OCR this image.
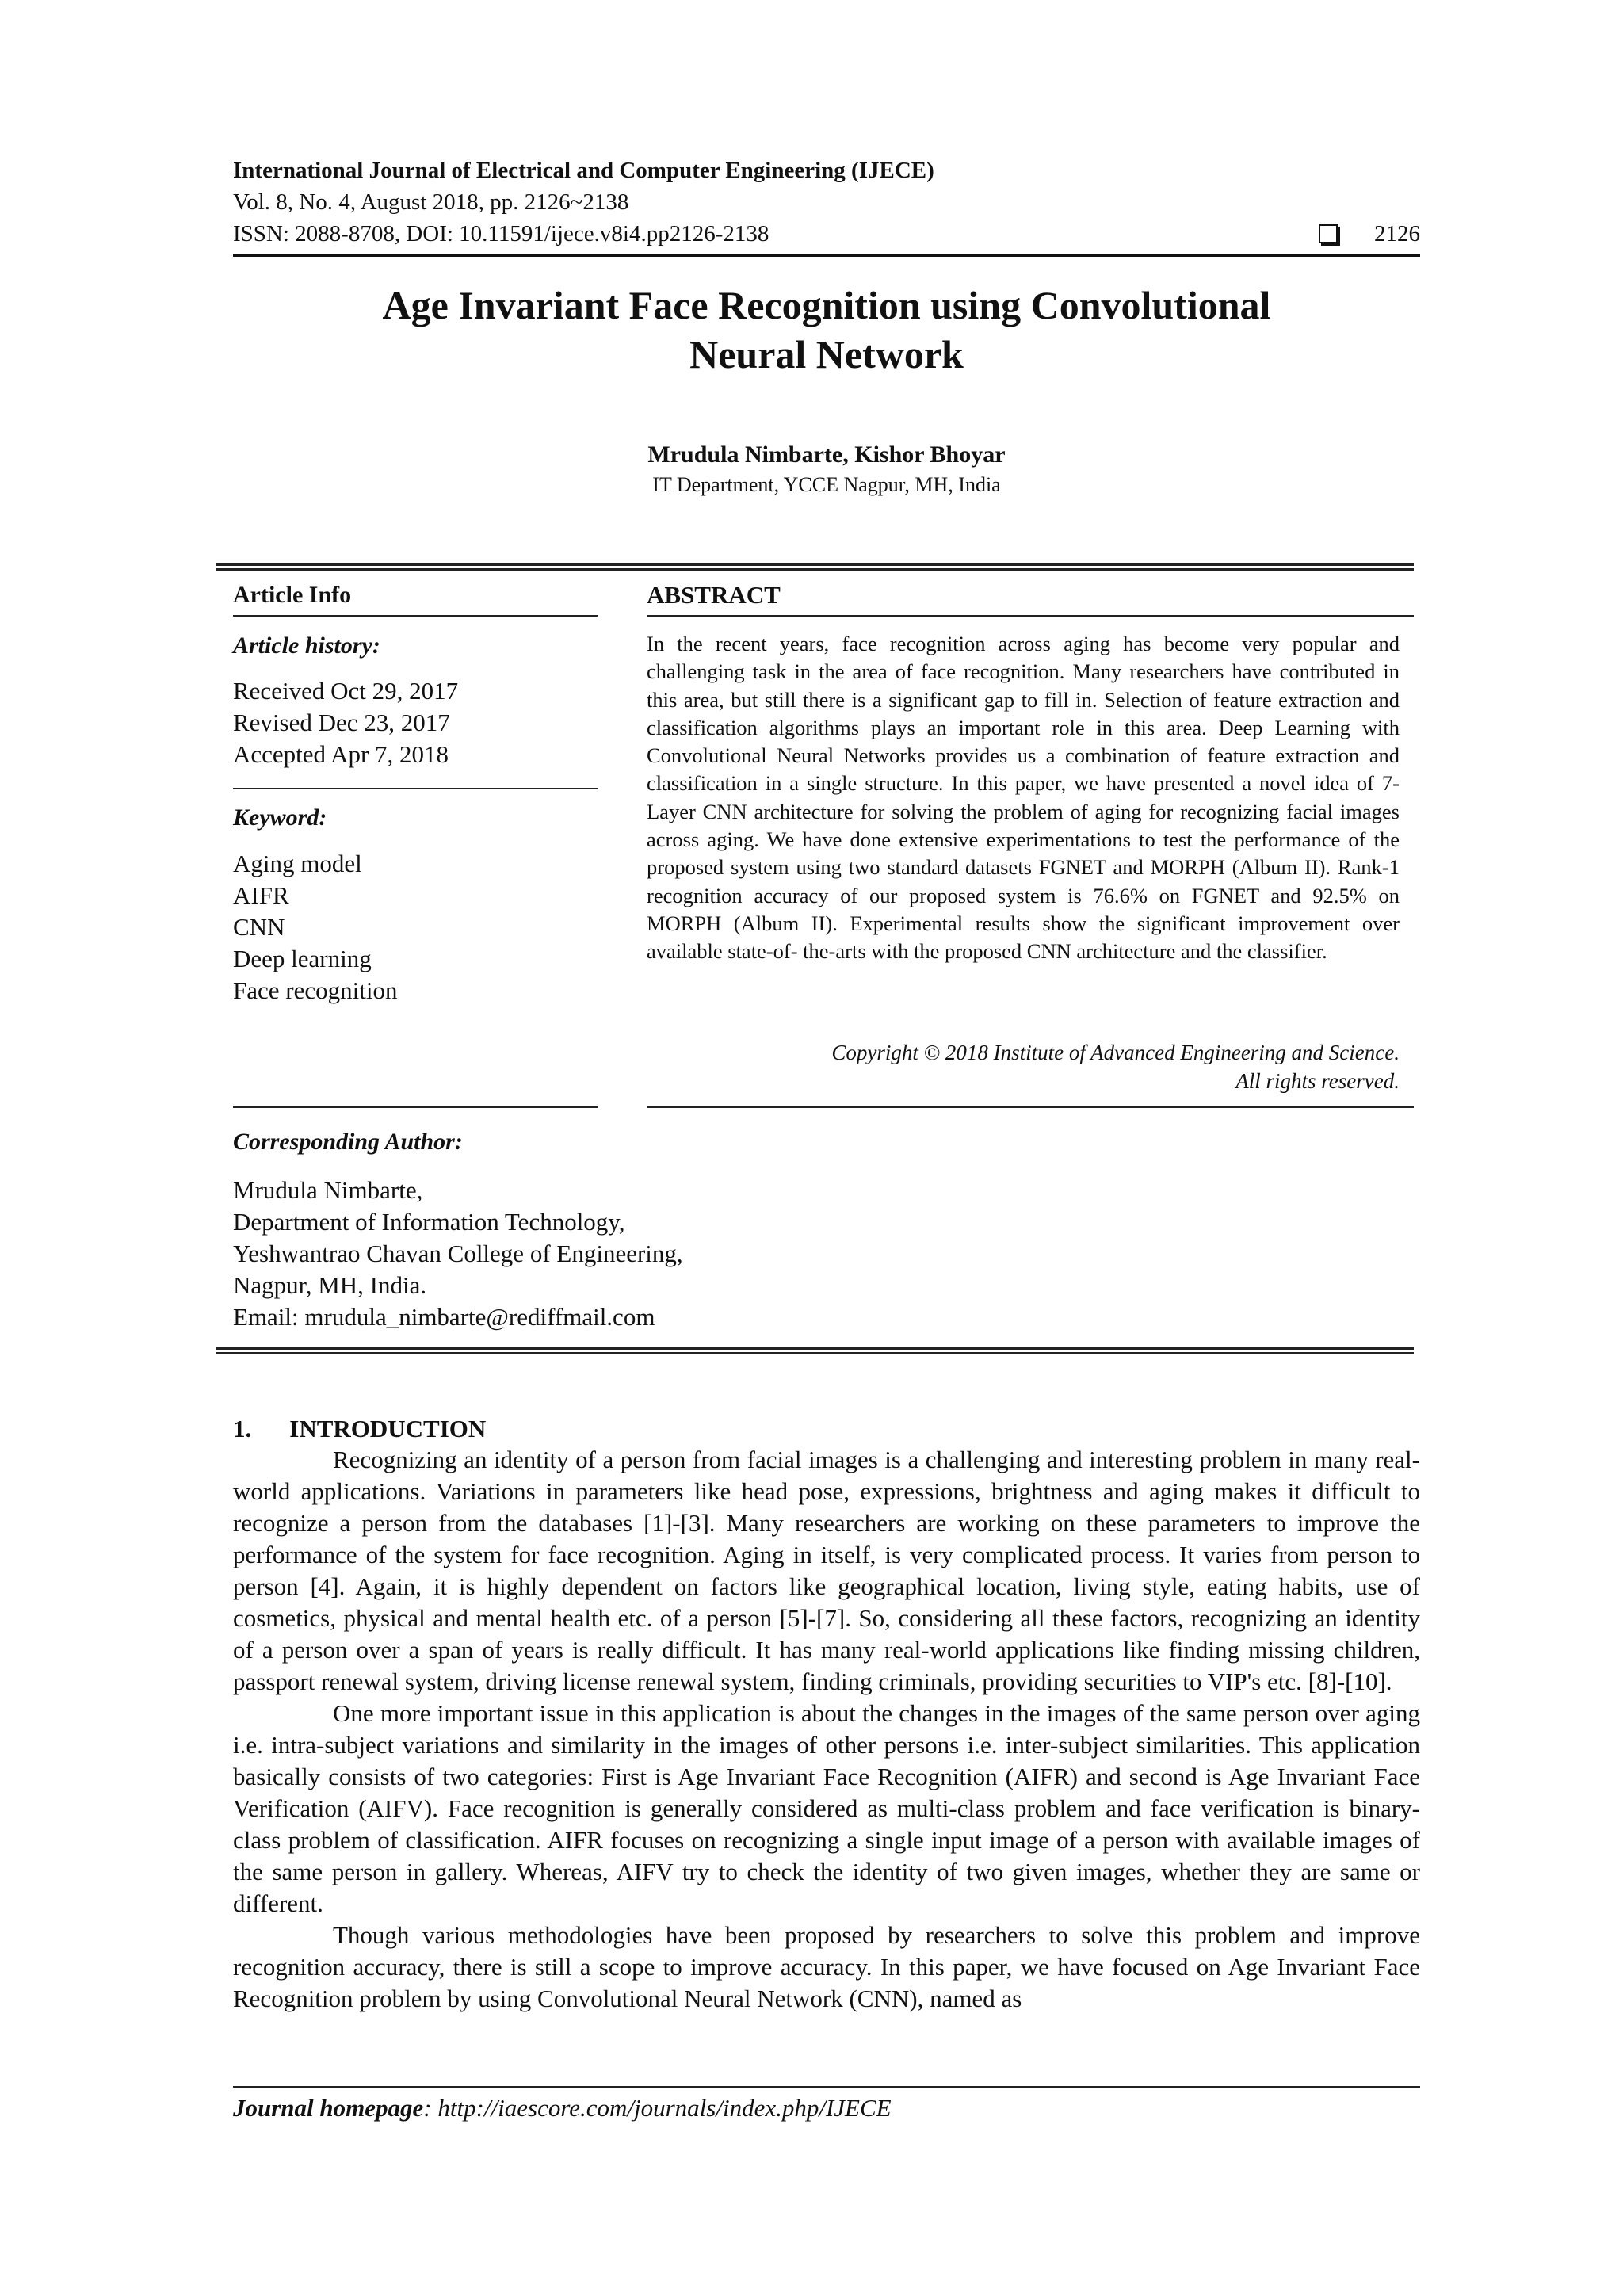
International Journal of Electrical and Computer Engineering (IJECE)
Vol. 8, No. 4, August 2018, pp. 2126~2138
ISSN: 2088-8708, DOI: 10.11591/ijece.v8i4.pp2126-2138	2126
Age Invariant Face Recognition using Convolutional
Neural Network
Mrudula Nimbarte, Kishor Bhoyar
IT Department, YCCE Nagpur, MH, India
Article Info
Article history:
Received Oct 29, 2017
Revised Dec 23, 2017
Accepted Apr 7, 2018
Keyword:
Aging model
AIFR
CNN
Deep learning
Face recognition
ABSTRACT
In the recent years, face recognition across aging has become very popular and challenging task in the area of face recognition. Many researchers have contributed in this area, but still there is a significant gap to fill in. Selection of feature extraction and classification algorithms plays an important role in this area. Deep Learning with Convolutional Neural Networks provides us a combination of feature extraction and classification in a single structure. In this paper, we have presented a novel idea of 7-Layer CNN architecture for solving the problem of aging for recognizing facial images across aging. We have done extensive experimentations to test the performance of the proposed system using two standard datasets FGNET and MORPH (Album II). Rank-1 recognition accuracy of our proposed system is 76.6% on FGNET and 92.5% on MORPH (Album II). Experimental results show the significant improvement over available state-of- the-arts with the proposed CNN architecture and the classifier.
Copyright © 2018 Institute of Advanced Engineering and Science.
All rights reserved.
Corresponding Author:
Mrudula Nimbarte,
Department of Information Technology,
Yeshwantrao Chavan College of Engineering,
Nagpur, MH, India.
Email: mrudula_nimbarte@rediffmail.com
1. INTRODUCTION

Recognizing an identity of a person from facial images is a challenging and interesting problem in many real-world applications. Variations in parameters like head pose, expressions, brightness and aging makes it difficult to recognize a person from the databases [1]-[3]. Many researchers are working on these parameters to improve the performance of the system for face recognition. Aging in itself, is very complicated process. It varies from person to person [4]. Again, it is highly dependent on factors like geographical location, living style, eating habits, use of cosmetics, physical and mental health etc. of a person [5]-[7]. So, considering all these factors, recognizing an identity of a person over a span of years is really difficult. It has many real-world applications like finding missing children, passport renewal system, driving license renewal system, finding criminals, providing securities to VIP's etc. [8]-[10].

One more important issue in this application is about the changes in the images of the same person over aging i.e. intra-subject variations and similarity in the images of other persons i.e. inter-subject similarities. This application basically consists of two categories: First is Age Invariant Face Recognition (AIFR) and second is Age Invariant Face Verification (AIFV). Face recognition is generally considered as multi-class problem and face verification is binary-class problem of classification. AIFR focuses on recognizing a single input image of a person with available images of the same person in gallery. Whereas, AIFV try to check the identity of two given images, whether they are same or different.

Though various methodologies have been proposed by researchers to solve this problem and improve recognition accuracy, there is still a scope to improve accuracy. In this paper, we have focused on Age Invariant Face Recognition problem by using Convolutional Neural Network (CNN), named as

Journal homepage: http://iaescore.com/journals/index.php/IJECE
